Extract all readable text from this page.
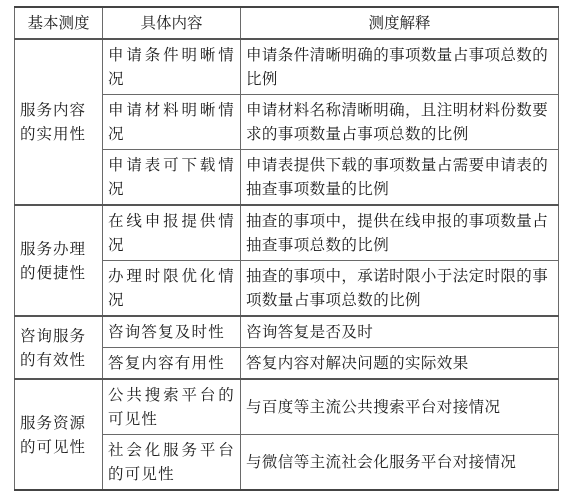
基本测度	具体内容	测度解释
服务内容的实用性	申请条件明晰情况	申请条件清晰明确的事项数量占事项总数的比例
	申请材料明晰情况	申请材料名称清晰明确，且注明材料份数要求的事项数量占事项总数的比例
	申请表可下载情况	申请表提供下载的事项数量占需要申请表的抽查事项数量的比例
服务办理的便捷性	在线申报提供情况	抽查的事项中，提供在线申报的事项数量占抽查事项总数的比例
	办理时限优化情况	抽查的事项中，承诺时限小于法定时限的事项数量占事项总数的比例
咨询服务的有效性	咨询答复及时性	咨询答复是否及时
	答复内容有用性	答复内容对解决问题的实际效果
服务资源的可见性	公共搜索平台的可见性	与百度等主流公共搜索平台对接情况
	社会化服务平台的可见性	与微信等主流社会化服务平台对接情况
